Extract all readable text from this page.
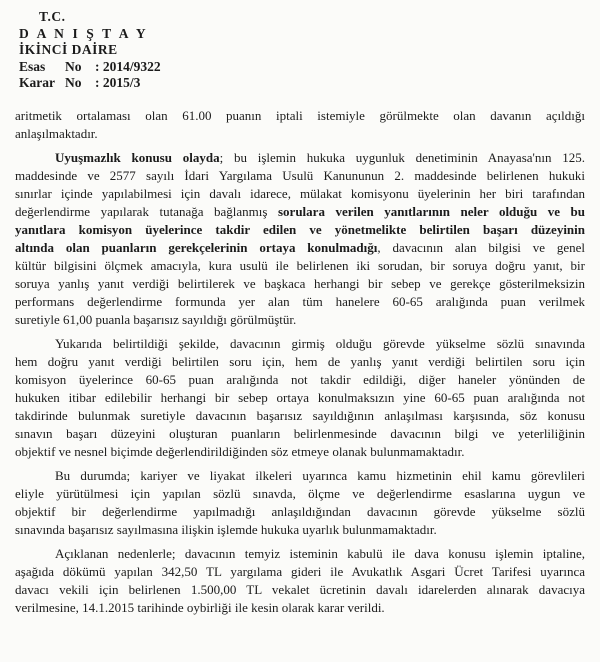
T.C.
D A N I Ş T A Y
İKİNCİ DAİRE
Esas	No	: 2014/9322
Karar No	: 2015/3
aritmetik ortalaması olan 61.00 puanın iptali istemiyle görülmekte olan davanın açıldığı
anlaşılmaktadır.
Uyuşmazlık konusu olayda; bu işlemin hukuka uygunluk denetiminin Anayasa'nın 125.
maddesinde ve 2577 sayılı İdari Yargılama Usulü Kanununun 2. maddesinde belirlenen hukuki
sınırlar içinde yapılabilmesi için davalı idarece, mülakat komisyonu üyelerinin her biri tarafından
değerlendirme yapılarak tutanağa bağlanmış sorulara verilen yanıtlarının neler olduğu ve bu
yanıtlara komisyon üyelerince takdir edilen ve yönetmelikte belirtilen başarı düzeyinin
altında olan puanların gerekçelerinin ortaya konulmadığı, davacının alan bilgisi ve genel
kültür bilgisini ölçmek amacıyla, kura usulü ile belirlenen iki sorudan, bir soruya doğru yanıt, bir
soruya yanlış yanıt verdiği belirtilerek ve başkaca herhangi bir sebep ve gerekçe gösterilmeksizin
performans değerlendirme formunda yer alan tüm hanelere 60-65 aralığında puan verilmek
suretiyle 61,00 puanla başarısız sayıldığı görülmüştür.
Yukarıda belirtildiği şekilde, davacının girmiş olduğu görevde yükselme sözlü sınavında
hem doğru yanıt verdiği belirtilen soru için, hem de yanlış yanıt verdiği belirtilen soru için
komisyon üyelerince 60-65 puan aralığında not takdir edildiği, diğer haneler yönünden de
hukuken itibar edilebilir herhangi bir sebep ortaya konulmaksızın yine 60-65 puan aralığında not
takdirinde bulunmak suretiyle davacının başarısız sayıldığının anlaşılması karşısında, söz konusu
sınavın başarı düzeyini oluşturan puanların belirlenmesinde davacının bilgi ve yeterliliğinin
objektif ve nesnel biçimde değerlendirildiğinden söz etmeye olanak bulunmamaktadır.
Bu durumda; kariyer ve liyakat ilkeleri uyarınca kamu hizmetinin ehil kamu görevlileri
eliyle yürütülmesi için yapılan sözlü sınavda, ölçme ve değerlendirme esaslarına uygun ve
objektif bir değerlendirme yapılmadığı anlaşıldığından davacının görevde yükselme sözlü
sınavında başarısız sayılmasına ilişkin işlemde hukuka uyarlık bulunmamaktadır.
Açıklanan nedenlerle; davacının temyiz isteminin kabulü ile dava konusu işlemin iptaline,
aşağıda dökümü yapılan 342,50 TL yargılama gideri ile Avukatlık Asgari Ücret Tarifesi uyarınca
davacı vekili için belirlenen 1.500,00 TL vekalet ücretinin davalı idarelerden alınarak davacıya
verilmesine, 14.1.2015 tarihinde oybirliği ile kesin olarak karar verildi.
